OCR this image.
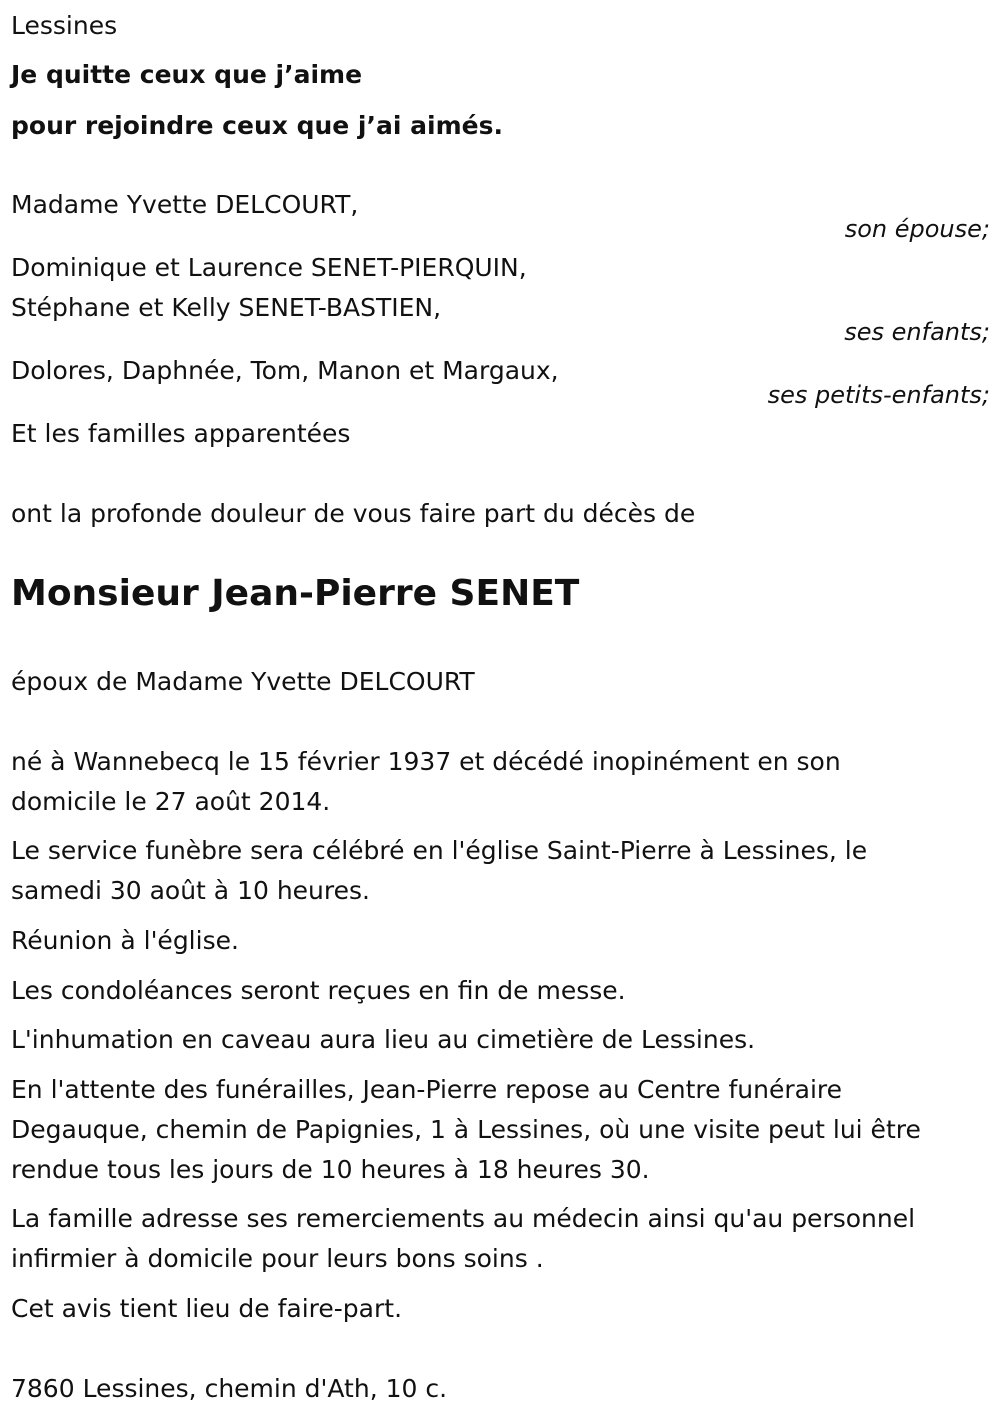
Lessines
Je quitte ceux que j’aime
pour rejoindre ceux que j’ai aimés.
Madame Yvette DELCOURT,
son épouse;
Dominique et Laurence SENET-PIERQUIN,
Stéphane et Kelly SENET-BASTIEN,
ses enfants;
Dolores, Daphnée, Tom, Manon et Margaux,
ses petits-enfants;
Et les familles apparentées
ont la profonde douleur de vous faire part du décès de
Monsieur Jean-Pierre SENET
époux de Madame Yvette DELCOURT
né à Wannebecq le 15 février 1937 et décédé inopinément en son
domicile le 27 août 2014.
Le service funèbre sera célébré en l'église Saint-Pierre à Lessines, le
samedi 30 août à 10 heures.
Réunion à l'église.
Les condoléances seront reçues en fin de messe.
L'inhumation en caveau aura lieu au cimetière de Lessines.
En l'attente des funérailles, Jean-Pierre repose au Centre funéraire
Degauque, chemin de Papignies, 1 à Lessines, où une visite peut lui être
rendue tous les jours de 10 heures à 18 heures 30.
La famille adresse ses remerciements au médecin ainsi qu'au personnel
infirmier à domicile pour leurs bons soins .
Cet avis tient lieu de faire-part.
7860 Lessines, chemin d'Ath, 10 c.
